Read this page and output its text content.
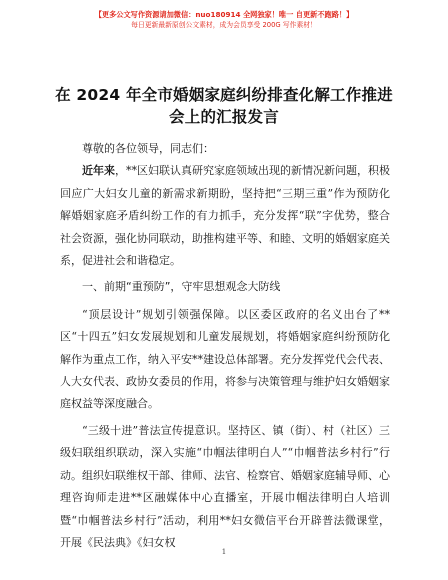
【更多公文写作资源请加微信：nuo180914 全网独家！唯一 自更新不跑路！】
每日更新最新原创公文素材，成为会员享受 200G 写作素材！
在 2024 年全市婚姻家庭纠纷排查化解工作推进
会上的汇报发言

尊敬的各位领导，同志们：

近年来，**区妇联认真研究家庭领域出现的新情况新问题，积极回应广大妇女儿童的新需求新期盼，坚持把“三期三重”作为预防化解婚姻家庭矛盾纠纷工作的有力抓手，充分发挥“联”字优势，整合社会资源，强化协同联动，助推构建平等、和睦、文明的婚姻家庭关系，促进社会和谐稳定。

一、前期“重预防”，守牢思想观念大防线

“顶层设计”规划引领强保障。以区委区政府的名义出台了**区“十四五”妇女发展规划和儿童发展规划，将婚姻家庭纠纷预防化解作为重点工作，纳入平安**建设总体部署。充分发挥党代会代表、人大女代表、政协女委员的作用，将参与决策管理与维护妇女婚姻家庭权益等深度融合。

“三级十进”普法宣传提意识。坚持区、镇（街）、村（社区）三级妇联组织联动，深入实施“巾帼法律明白人”“巾帼普法乡村行”行动。组织妇联维权干部、律师、法官、检察官、婚姻家庭辅导师、心理咨询师走进**区融媒体中心直播室，开展巾帼法律明白人培训暨“巾帼普法乡村行”活动，利用**妇女微信平台开辟普法微课堂，开展《民法典》《妇女权

1
